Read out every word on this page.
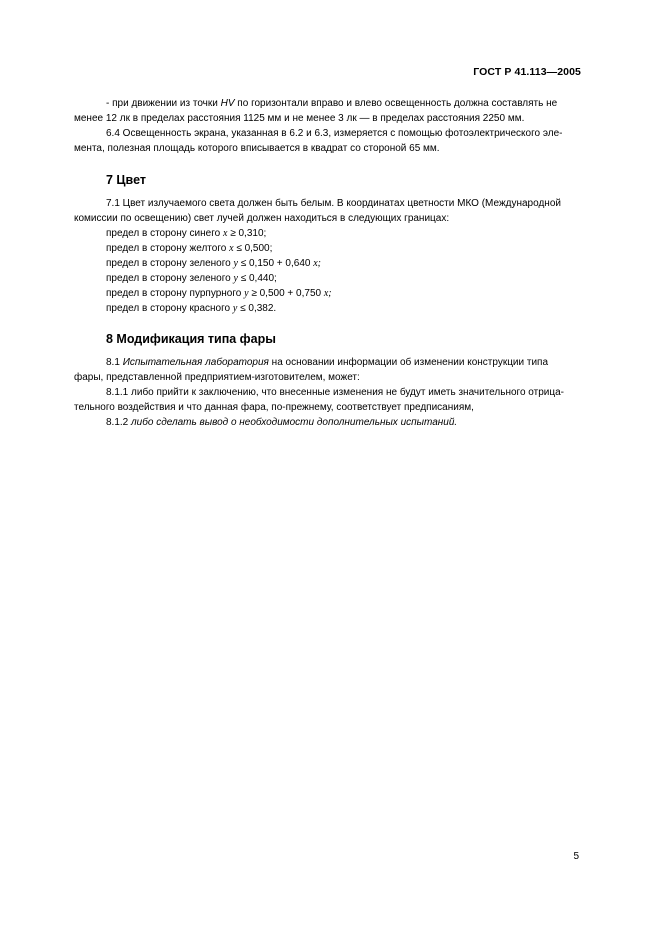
ГОСТ Р 41.113—2005
- при движении из точки HV по горизонтали вправо и влево освещенность должна составлять не
менее 12 лк в пределах расстояния 1125 мм и не менее 3 лк — в пределах расстояния 2250 мм.
6.4 Освещенность экрана, указанная в 6.2 и 6.3, измеряется с помощью фотоэлектрического эле-
мента, полезная площадь которого вписывается в квадрат со стороной 65 мм.
7 Цвет
7.1 Цвет излучаемого света должен быть белым. В координатах цветности МКО (Международной
комиссии по освещению) свет лучей должен находиться в следующих границах:
предел в сторону синего x ≥ 0,310;
предел в сторону желтого x ≤ 0,500;
предел в сторону зеленого y ≤ 0,150 + 0,640 x;
предел в сторону зеленого y ≤ 0,440;
предел в сторону пурпурного y ≥ 0,500 + 0,750 x;
предел в сторону красного y ≤ 0,382.
8 Модификация типа фары
8.1 Испытательная лаборатория на основании информации об изменении конструкции типа
фары, представленной предприятием-изготовителем, может:
8.1.1 либо прийти к заключению, что внесенные изменения не будут иметь значительного отрица-
тельного воздействия и что данная фара, по-прежнему, соответствует предписаниям,
8.1.2 либо сделать вывод о необходимости дополнительных испытаний.
5
